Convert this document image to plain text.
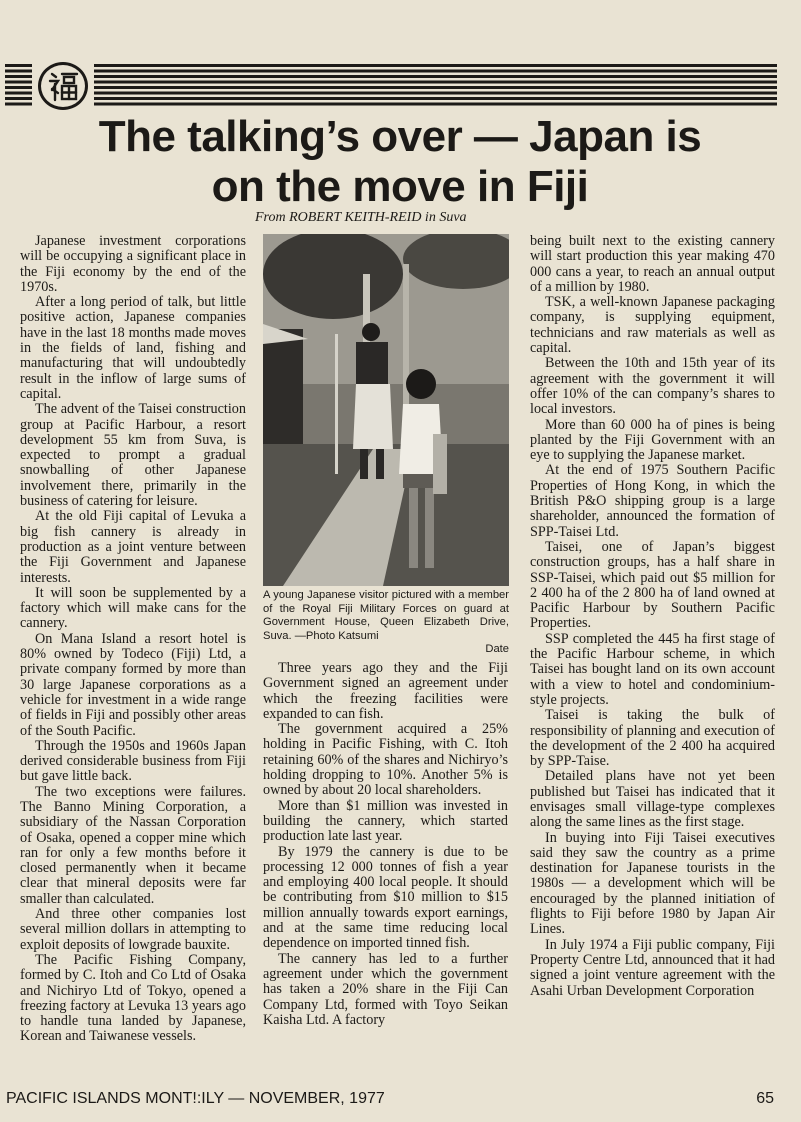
The talking’s over — Japan is
on the move in Fiji
From ROBERT KEITH-REID in Suva

Japanese investment corporations will be occupying a significant place in the Fiji economy by the end of the 1970s.

After a long period of talk, but little positive action, Japanese companies have in the last 18 months made moves in the fields of land, fishing and manufacturing that will undoubtedly result in the inflow of large sums of capital.

The advent of the Taisei construction group at Pacific Harbour, a resort development 55 km from Suva, is expected to prompt a gradual snowballing of other Japanese involvement there, primarily in the business of catering for leisure.

At the old Fiji capital of Levuka a big fish cannery is already in production as a joint venture between the Fiji Government and Japanese interests.

It will soon be supplemented by a factory which will make cans for the cannery.

On Mana Island a resort hotel is 80% owned by Todeco (Fiji) Ltd, a private company formed by more than 30 large Japanese corporations as a vehicle for investment in a wide range of fields in Fiji and possibly other areas of the South Pacific.

Through the 1950s and 1960s Japan derived considerable business from Fiji but gave little back.

The two exceptions were failures. The Banno Mining Corporation, a subsidiary of the Nassan Corporation of Osaka, opened a copper mine which ran for only a few months before it closed permanently when it became clear that mineral deposits were far smaller than calculated.

And three other companies lost several million dollars in attempting to exploit deposits of lowgrade bauxite.

The Pacific Fishing Company, formed by C. Itoh and Co Ltd of Osaka and Nichiryo Ltd of Tokyo, opened a freezing factory at Levuka 13 years ago to handle tuna landed by Japanese, Korean and Taiwanese vessels.

A young Japanese visitor pictured with a member of the Royal Fiji Military Forces on guard at Government House, Queen Elizabeth Drive, Suva. —Photo Katsumi
Date

Three years ago they and the Fiji Government signed an agreement under which the freezing facilities were expanded to can fish.

The government acquired a 25% holding in Pacific Fishing, with C. Itoh retaining 60% of the shares and Nichiryo’s holding dropping to 10%. Another 5% is owned by about 20 local shareholders.

More than $1 million was invested in building the cannery, which started production late last year.

By 1979 the cannery is due to be processing 12 000 tonnes of fish a year and employing 400 local people. It should be contributing from $10 million to $15 million annually towards export earnings, and at the same time reducing local dependence on imported tinned fish.

The cannery has led to a further agreement under which the government has taken a 20% share in the Fiji Can Company Ltd, formed with Toyo Seikan Kaisha Ltd. A factory

being built next to the existing cannery will start production this year making 470 000 cans a year, to reach an annual output of a million by 1980.

TSK, a well-known Japanese packaging company, is supplying equipment, technicians and raw materials as well as capital.

Between the 10th and 15th year of its agreement with the government it will offer 10% of the can company’s shares to local investors.

More than 60 000 ha of pines is being planted by the Fiji Government with an eye to supplying the Japanese market.

At the end of 1975 Southern Pacific Properties of Hong Kong, in which the British P&O shipping group is a large shareholder, announced the formation of SPP-Taisei Ltd.

Taisei, one of Japan’s biggest construction groups, has a half share in SSP-Taisei, which paid out $5 million for 2 400 ha of the 2 800 ha of land owned at Pacific Harbour by Southern Pacific Properties.

SSP completed the 445 ha first stage of the Pacific Harbour scheme, in which Taisei has bought land on its own account with a view to hotel and condominium-style projects.

Taisei is taking the bulk of responsibility of planning and execution of the development of the 2 400 ha acquired by SPP-Taise.

Detailed plans have not yet been published but Taisei has indicated that it envisages small village-type complexes along the same lines as the first stage.

In buying into Fiji Taisei executives said they saw the country as a prime destination for Japanese tourists in the 1980s — a development which will be encouraged by the planned initiation of flights to Fiji before 1980 by Japan Air Lines.

In July 1974 a Fiji public company, Fiji Property Centre Ltd, announced that it had signed a joint venture agreement with the Asahi Urban Development Corporation

PACIFIC ISLANDS MONT!:ILY — NOVEMBER, 1977	65
